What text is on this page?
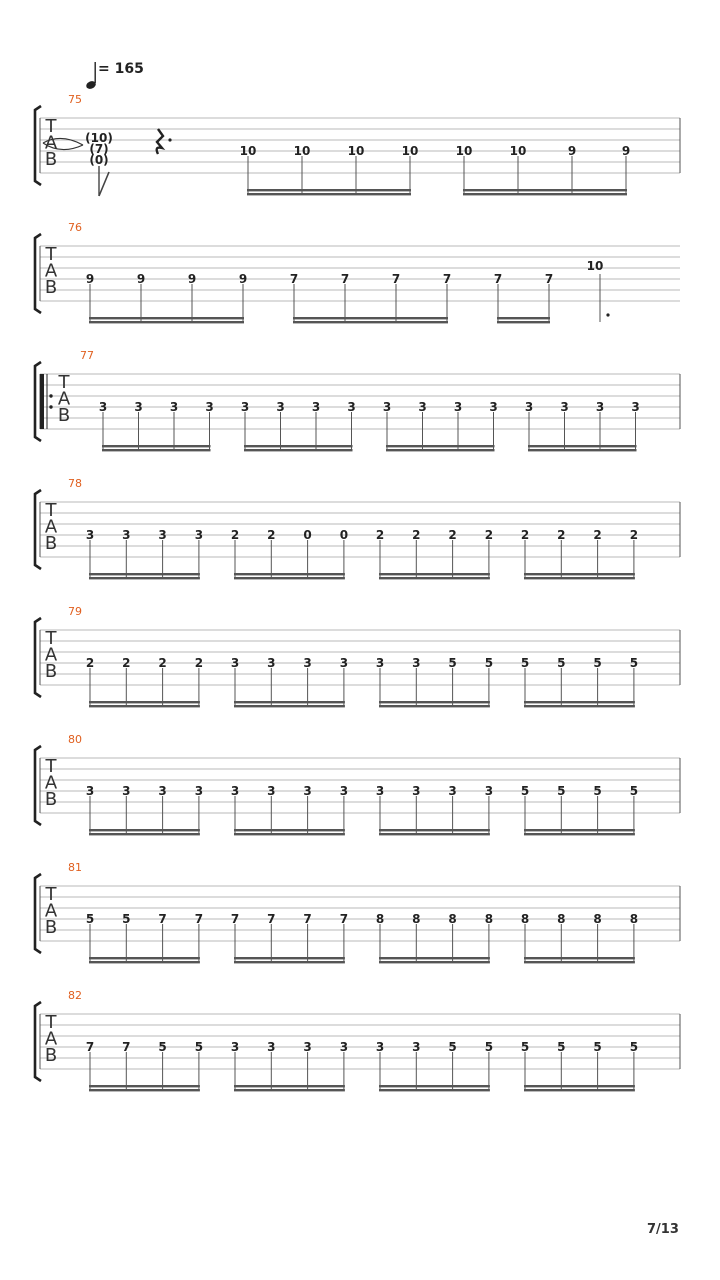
= 165
75
T
A
B
(10)
(7)
(0)
10	10	10	10	10	10	9	9
76
T
A
B 9	9	9	9	7	7	7	7	7	7
10
77
T
A
B 3 3 3 3 3 3 3 3 3 3 3 3 3 3 3 3
78
T
A
B 3 3 3 3 2 2 0 0 2 2 2 2 2 2 2 2
79
T
A
B 2 2 2 2 3 3 3 3 3 3 5 5 5 5 5 5
80
T
A
B 3 3 3 3 3 3 3 3 3 3 3 3 5 5 5 5
81
T
A
B 5 5 7 7 7 7 7 7 8 8 8 8 8 8 8 8
82
T
A
B 7 7 5 5 3 3 3 3 3 3 5 5 5 5 5 5
7/13
